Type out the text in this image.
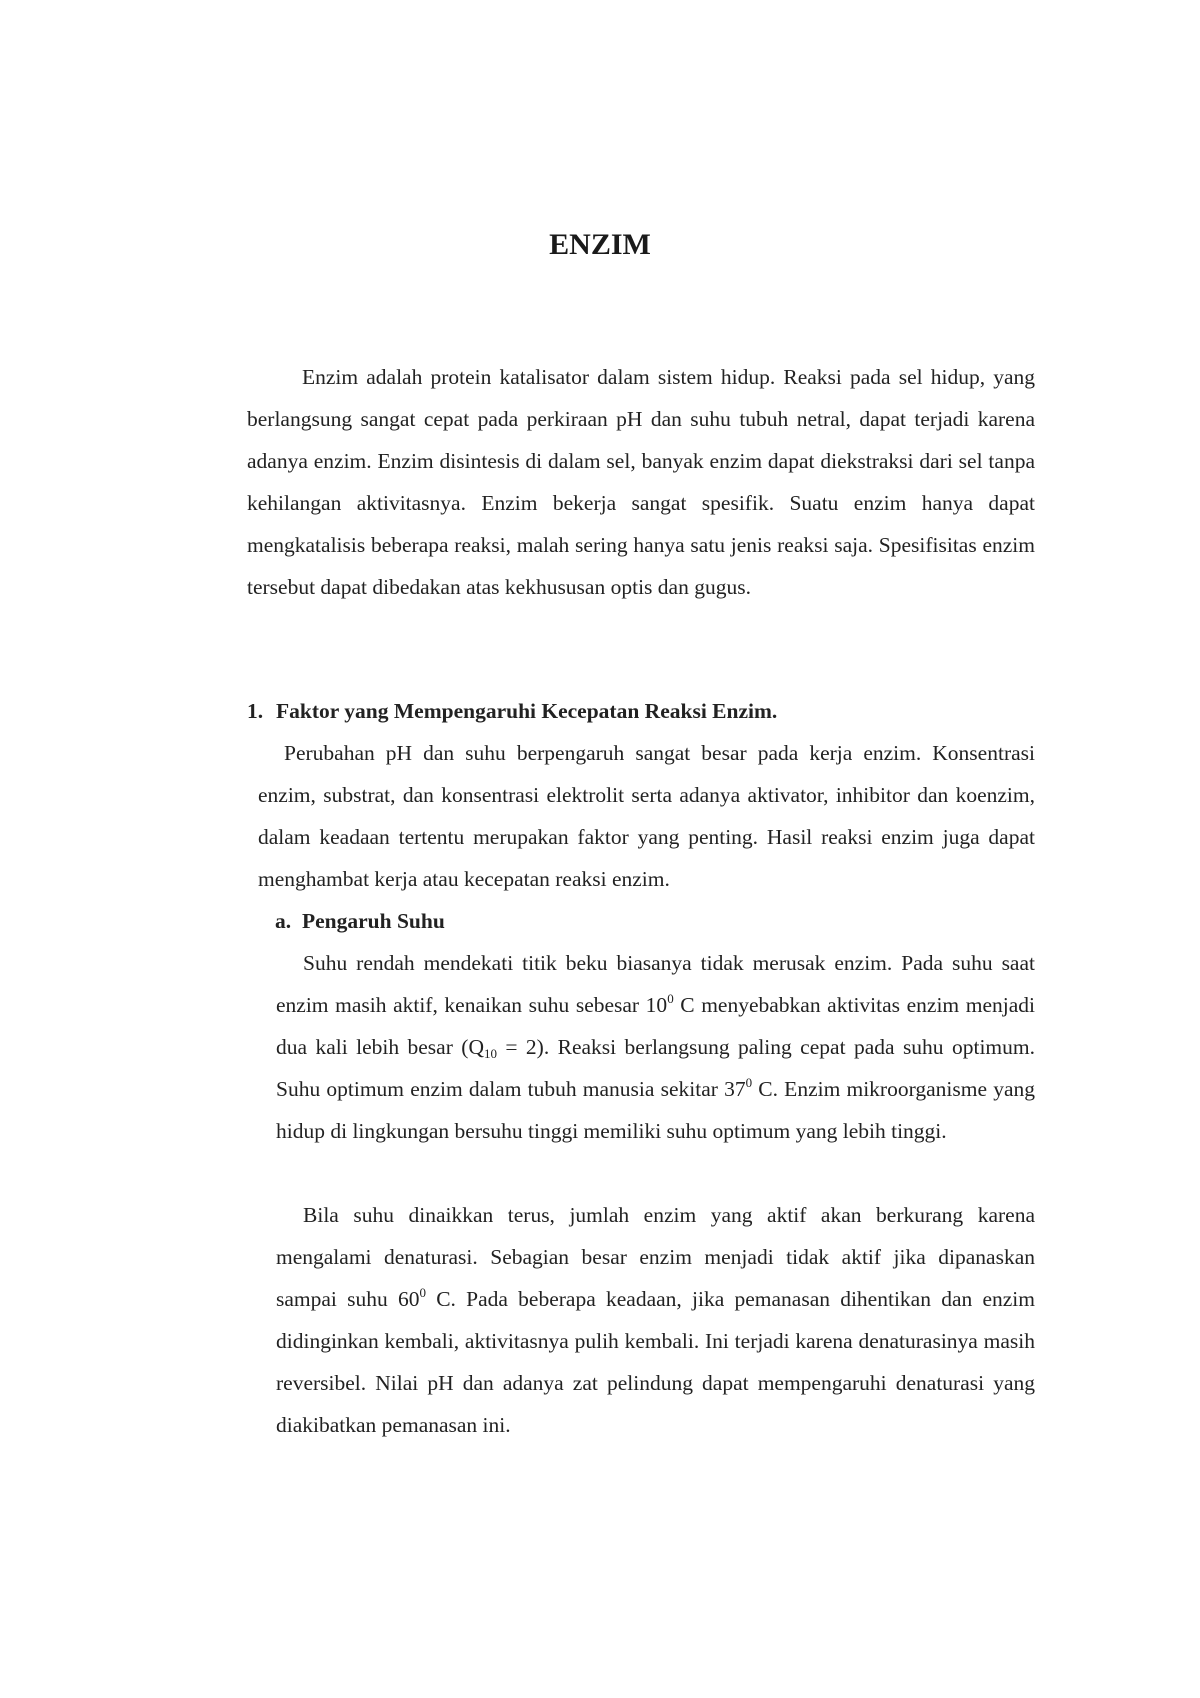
ENZIM

Enzim adalah protein katalisator dalam sistem hidup. Reaksi pada sel hidup, yang berlangsung sangat cepat pada perkiraan pH dan suhu tubuh netral, dapat terjadi karena adanya enzim. Enzim disintesis di dalam sel, banyak enzim dapat diekstraksi dari sel tanpa kehilangan aktivitasnya. Enzim bekerja sangat spesifik. Suatu enzim hanya dapat mengkatalisis beberapa reaksi, malah sering hanya satu jenis reaksi saja. Spesifisitas enzim tersebut dapat dibedakan atas kekhususan optis dan gugus.

1. Faktor yang Mempengaruhi Kecepatan Reaksi Enzim.

Perubahan pH dan suhu berpengaruh sangat besar pada kerja enzim. Konsentrasi enzim, substrat, dan konsentrasi elektrolit serta adanya aktivator, inhibitor dan koenzim, dalam keadaan tertentu merupakan faktor yang penting. Hasil reaksi enzim juga dapat menghambat kerja atau kecepatan reaksi enzim.

a. Pengaruh Suhu

Suhu rendah mendekati titik beku biasanya tidak merusak enzim. Pada suhu saat enzim masih aktif, kenaikan suhu sebesar $10^0$ C menyebabkan aktivitas enzim menjadi dua kali lebih besar $(Q_{10} = 2)$. Reaksi berlangsung paling cepat pada suhu optimum. Suhu optimum enzim dalam tubuh manusia sekitar $37^0$ C. Enzim mikroorganisme yang hidup di lingkungan bersuhu tinggi memiliki suhu optimum yang lebih tinggi.

Bila suhu dinaikkan terus, jumlah enzim yang aktif akan berkurang karena mengalami denaturasi. Sebagian besar enzim menjadi tidak aktif jika dipanaskan sampai suhu $60^0$ C. Pada beberapa keadaan, jika pemanasan dihentikan dan enzim didinginkan kembali, aktivitasnya pulih kembali. Ini terjadi karena denaturasinya masih reversibel. Nilai pH dan adanya zat pelindung dapat mempengaruhi denaturasi yang diakibatkan pemanasan ini.
